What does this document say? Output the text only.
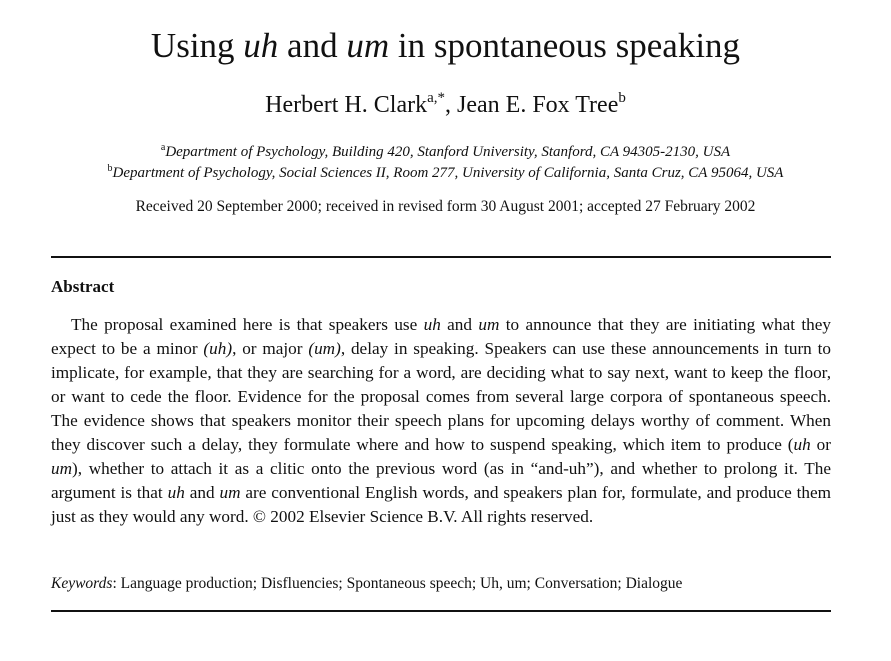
Using uh and um in spontaneous speaking
Herbert H. Clark$^{a,*}$, Jean E. Fox Tree$^b$
$^a$Department of Psychology, Building 420, Stanford University, Stanford, CA 94305-2130, USA
$^b$Department of Psychology, Social Sciences II, Room 277, University of California, Santa Cruz, CA 95064, USA
Received 20 September 2000; received in revised form 30 August 2001; accepted 27 February 2002
Abstract

The proposal examined here is that speakers use uh and um to announce that they are initiating what they expect to be a minor (uh), or major (um), delay in speaking. Speakers can use these announcements in turn to implicate, for example, that they are searching for a word, are deciding what to say next, want to keep the floor, or want to cede the floor. Evidence for the proposal comes from several large corpora of spontaneous speech. The evidence shows that speakers monitor their speech plans for upcoming delays worthy of comment. When they discover such a delay, they formulate where and how to suspend speaking, which item to produce (uh or um), whether to attach it as a clitic onto the previous word (as in “and-uh”), and whether to prolong it. The argument is that uh and um are conventional English words, and speakers plan for, formulate, and produce them just as they would any word. © 2002 Elsevier Science B.V. All rights reserved.

Keywords: Language production; Disfluencies; Spontaneous speech; Uh, um; Conversation; Dialogue
